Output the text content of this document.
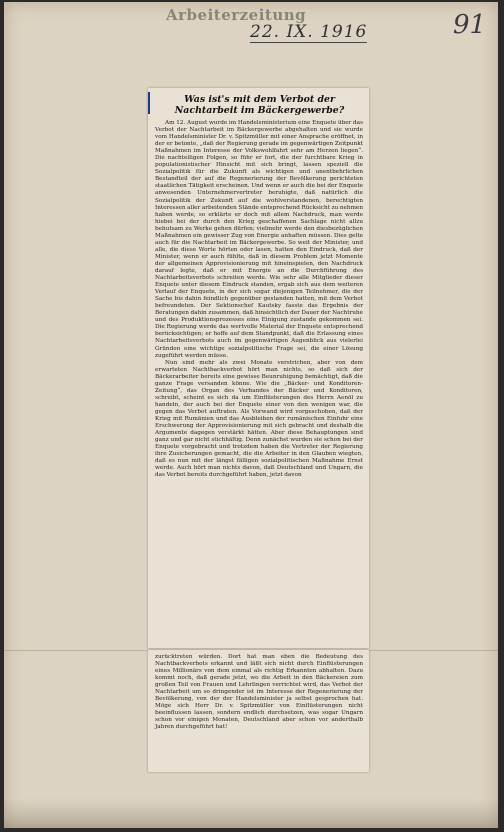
Arbeiterzeitung
22. IX. 1916	91
Was ist's mit dem Verbot der Nachtarbeit im Bäckergewerbe?

Am 12. August wurde im Handelsministerium eine Enquete über das Verbot der Nachtarbeit im Bäckergewerbe abgehalten und sie wurde vom Handelsminister Dr. v. Spitzmüller mit einer Ansprache eröffnet, in der er betonte, „daß der Regierung gerade im gegenwärtigen Zeitpunkt Maßnahmen im Interesse der Volkswohlfahrt sehr am Herzen liegen“. Die nachteiligen Folgen, so führ er fort, die der furchtbare Krieg in populationistischer Hinsicht mit sich bringt, lassen speziell die Sozialpolitik für die Zukunft als wichtigen und unentbehrlichen Bestandteil der auf die Regenerierung der Bevölkerung gerichteten staatlichen Tätigkeit erscheinen. Und wenn er auch die bei der Enquete anwesenden Unternehmervertreter beruhigte, daß natürlich die Sozialpolitik der Zukunft auf die wohlverstandenen, berechtigten Interessen aller arbeitenden Stände entsprechend Rücksicht zu nehmen haben werde, so erklärte er doch mit allem Nachdruck, man werde hiebei bei der durch den Krieg geschaffenen Sachlage nicht allzu behutsam zu Werke gehen dürfen; vielmehr werde den diesbezüglichen Maßnahmen ein gewisser Zug von Energie anhaften müssen. Dies gelte auch für die Nachtarbeit im Bäckergewerbe. So weit der Minister, und alle, die diese Worte hörten oder lasen, hatten den Eindruck, daß der Minister, wenn er auch fühlte, daß in diesem Problem jetzt Momente der allgemeinen Approvisionierung mit hineinspielen, den Nachdruck darauf legte, daß er mit Energie an die Durchführung des Nachtarbeitsverbots schreiten werde. Wie sehr alle Mitglieder dieser Enquete unter diesem Eindruck standen, ergab sich aus dem weiteren Verlauf der Enquete, in der sich sogar diejenigen Teilnehmer, die der Sache bis dahin feindlich gegenüber gestanden hatten, mit dem Verbot befreundeten. Der Sektionschef Kautsky fasste das Ergebnis der Beratungen dahin zusammen, daß hinsichtlich der Dauer der Nachtruhe und des Produktionsprozesses eine Einigung zustande gekommen sei. Die Regierung werde das wertvolle Material der Enquete entsprechend berücksichtigen; er hoffe auf dem Standpunkt, daß die Erlassung eines Nachtarbeitsverbots auch im gegenwärtigen Augenblick aus vielerlei Gründen eine wichtige sozialpolitische Frage sei, die einer Lösung zugeführt werden müsse.

Nun sind mehr als zwei Monate verstrichen, aber von dem erwarteten Nachtbackverbot hört man nichts, so daß sich der Bäckerarbeiter bereits eine gewisse Beunruhigung bemächtigt, daß die ganze Frage versanden könne. Wie die „Bäcker- und Konditoren-Zeitung“, das Organ des Verbandes der Bäcker und Konditoren, schreibt, scheint es sich da um Einflüsterungen des Herrn Aenöl zu handeln, der auch bei der Enquete einer von den wenigen war, die gegen das Verbot auftraten. Als Vorwand wird vorgeschoben, daß der Krieg mit Rumänien und das Ausbleiben der rumänischen Einfuhr eine Erschwerung der Approvisionierung mit sich gebracht und deshalb die Argumente dagegen verstärkt hätten. Aber diese Behauptungen sind ganz und gar nicht stichhältig. Denn zunächst wurden sie schon bei der Enquete vorgebracht und trotzdem haben die Vertreter der Regierung ihre Zusicherungen gemacht, die die Arbeiter in den Glauben wiegten, daß es nun mit der längst fälligen sozialpolitischen Maßnahme Ernst werde. Auch hört man nichts davon, daß Deutschland und Ungarn, die das Verbot bereits durchgeführt haben, jetzt davon

zurücktreten würden. Dort hat man eben die Bedeutung des Nachtbackverbots erkannt und läßt sich nicht durch Einflüsterungen eines Millionärs von dem einmal als richtig Erkannten abhalten. Dazu kommt noch, daß gerade jetzt, wo die Arbeit in den Bäckereien zum großen Teil von Frauen und Lehrlingen verrichtet wird, das Verbot der Nachtarbeit um so dringender ist im Interesse der Regenerierung der Bevölkerung, von der der Handelsminister ja selbst gesprochen hat. Möge sich Herr Dr. v. Spitzmüller von Einflüsterungen nicht beeinflussen lassen, sondern endlich durchsetzen, was sogar Ungarn schon vor einigen Monaten, Deutschland aber schon vor anderthalb Jahren durchgeführt hat!
